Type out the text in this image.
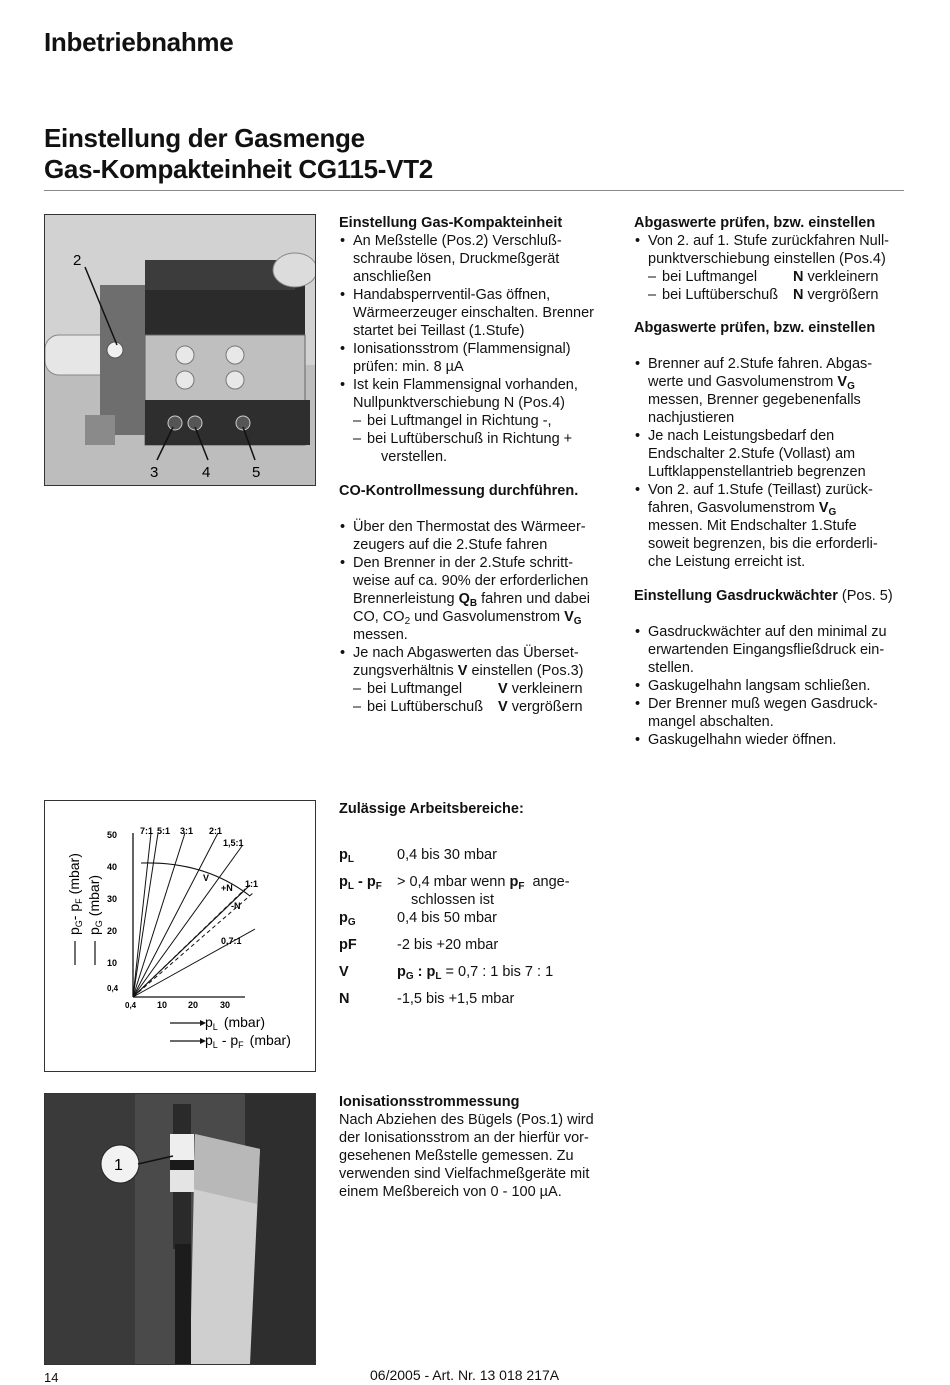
Inbetriebnahme
Einstellung der Gasmenge
Gas-Kompakteinheit CG115-VT2
2
3	4	5
Einstellung Gas-Kompakteinheit
• An Meßstelle (Pos.2) Verschluß-
schraube lösen, Druckmeßgerät
anschließen
• Handabsperrventil-Gas öffnen,
Wärmeerzeuger einschalten. Brenner
startet bei Teillast (1.Stufe)
• Ionisationsstrom (Flammensignal)
prüfen: min. 8 µA
• Ist kein Flammensignal vorhanden,
Nullpunktverschiebung N (Pos.4)
– bei Luftmangel in Richtung -,
– bei Luftüberschuß in Richtung +
verstellen.
CO-Kontrollmessung durchführen.
• Über den Thermostat des Wärmeer-
zeugers auf die 2.Stufe fahren
• Den Brenner in der 2.Stufe schritt-
weise auf ca. 90% der erforderlichen
Brennerleistung $Q_B$ fahren und dabei
CO, $CO_2$ und Gasvolumenstrom $V_G$
messen.
• Je nach Abgaswerten das Überset-
zungsverhältnis V einstellen (Pos.3)
– bei Luftmangel V verkleinern
– bei Luftüberschuß V vergrößern
Abgaswerte prüfen, bzw. einstellen
• Von 2. auf 1. Stufe zurückfahren Null-
punktverschiebung einstellen (Pos.4)
– bei Luftmangel N verkleinern
– bei Luftüberschuß N vergrößern
Abgaswerte prüfen, bzw. einstellen
• Brenner auf 2.Stufe fahren. Abgas-
werte und Gasvolumenstrom $V_G$
messen, Brenner gegebenenfalls
nachjustieren
• Je nach Leistungsbedarf den
Endschalter 2.Stufe (Vollast) am
Luftklappenstellantrieb begrenzen
• Von 2. auf 1.Stufe (Teillast) zurück-
fahren, Gasvolumenstrom $V_G$
messen. Mit Endschalter 1.Stufe
soweit begrenzen, bis die erforderli-
che Leistung erreicht ist.
Einstellung Gasdruckwächter (Pos. 5)
• Gasdruckwächter auf den minimal zu
erwartenden Eingangsfließdruck ein-
stellen.
• Gaskugelhahn langsam schließen.
• Der Brenner muß wegen Gasdruck-
mangel abschalten.
• Gaskugelhahn wieder öffnen.
50
40
30
20
10
0,4
0,4 10 20 30
7:1 5:1 3:1 2:1
1,5:1
1:1
0,7:1
V
+N
-N
$p_G-$ $p_F(mbar)$
$p_G(mbar)$
$p_L$ (mbar)
$p_L - p_F$ (mbar)
Zulässige Arbeitsbereiche:
$p_L$	0,4 bis 30 mbar
$p_L - p_F$	> 0,4 mbar wenn $p_F$ ange-
schlossen ist
$p_G$	0,4 bis 50 mbar
pF	-2 bis +20 mbar
V	$p_G$ : $p_L = 0,7$ : 1 bis 7 : 1
N	-1,5 bis +1,5 mbar
1
Ionisationsstrommessung
Nach Abziehen des Bügels (Pos.1) wird
der Ionisationsstrom an der hierfür vor-
gesehenen Meßstelle gemessen. Zu
verwenden sind Vielfachmeßgeräte mit
einem Meßbereich von 0 - 100 µA.
14	06/2005 - Art. Nr. 13 018 217A
